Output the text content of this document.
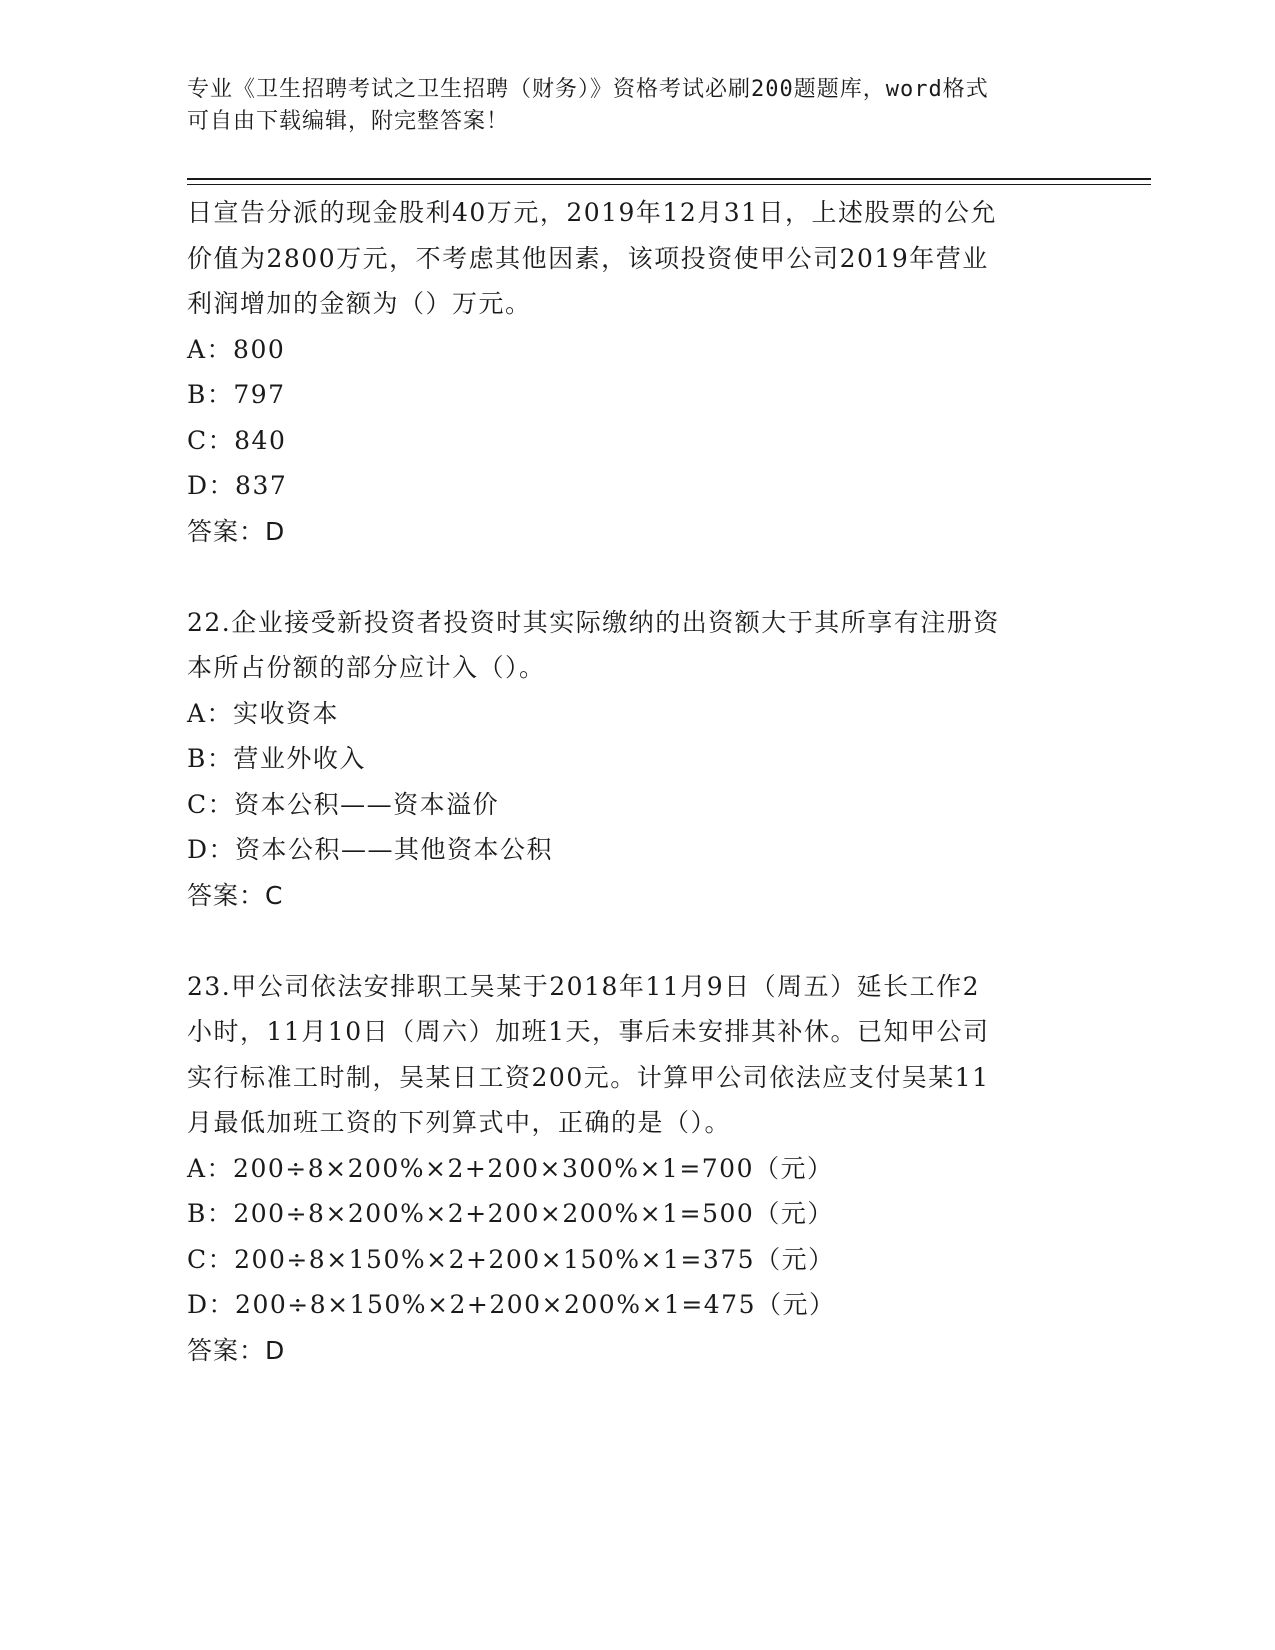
专业《卫生招聘考试之卫生招聘（财务）》资格考试必刷200题题库，word格式
可自由下载编辑，附完整答案！
日宣告分派的现金股利40万元，2019年12月31日，上述股票的公允
价值为2800万元，不考虑其他因素，该项投资使甲公司2019年营业
利润增加的金额为（）万元。
A：800
B：797
C：840
D：837
答案：D
22.企业接受新投资者投资时其实际缴纳的出资额大于其所享有注册资
本所占份额的部分应计入（）。
A：实收资本
B：营业外收入
C：资本公积——资本溢价
D：资本公积——其他资本公积
答案：C
23.甲公司依法安排职工吴某于2018年11月9日（周五）延长工作2
小时，11月10日（周六）加班1天，事后未安排其补休。已知甲公司
实行标准工时制，吴某日工资200元。计算甲公司依法应支付吴某11
月最低加班工资的下列算式中，正确的是（）。
A：200÷8×200%×2+200×300%×1=700（元）
B：200÷8×200%×2+200×200%×1=500（元）
C：200÷8×150%×2+200×150%×1=375（元）
D：200÷8×150%×2+200×200%×1=475（元）
答案：D
